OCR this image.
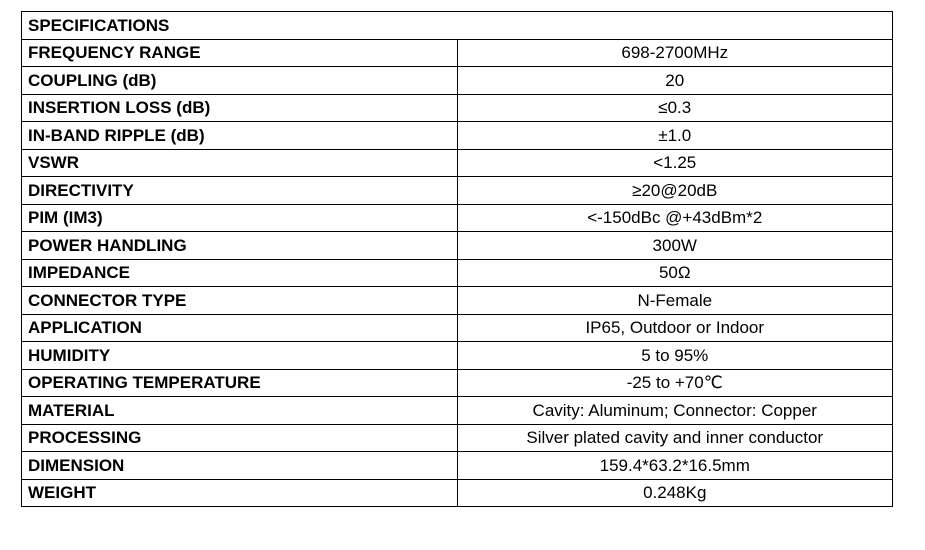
SPECIFICATIONS	
FREQUENCY RANGE	698-2700MHz
COUPLING (dB)	20
INSERTION LOSS (dB)	≤0.3
IN-BAND RIPPLE (dB)	±1.0
VSWR	<1.25
DIRECTIVITY	≥20@20dB
PIM (IM3)	<-150dBc @+43dBm*2
POWER HANDLING	300W
IMPEDANCE	50Ω
CONNECTOR TYPE	N-Female
APPLICATION	IP65, Outdoor or Indoor
HUMIDITY	5 to 95%
OPERATING TEMPERATURE	-25 to +70℃
MATERIAL	Cavity: Aluminum; Connector: Copper
PROCESSING	Silver plated cavity and inner conductor
DIMENSION	159.4*63.2*16.5mm
WEIGHT	0.248Kg
